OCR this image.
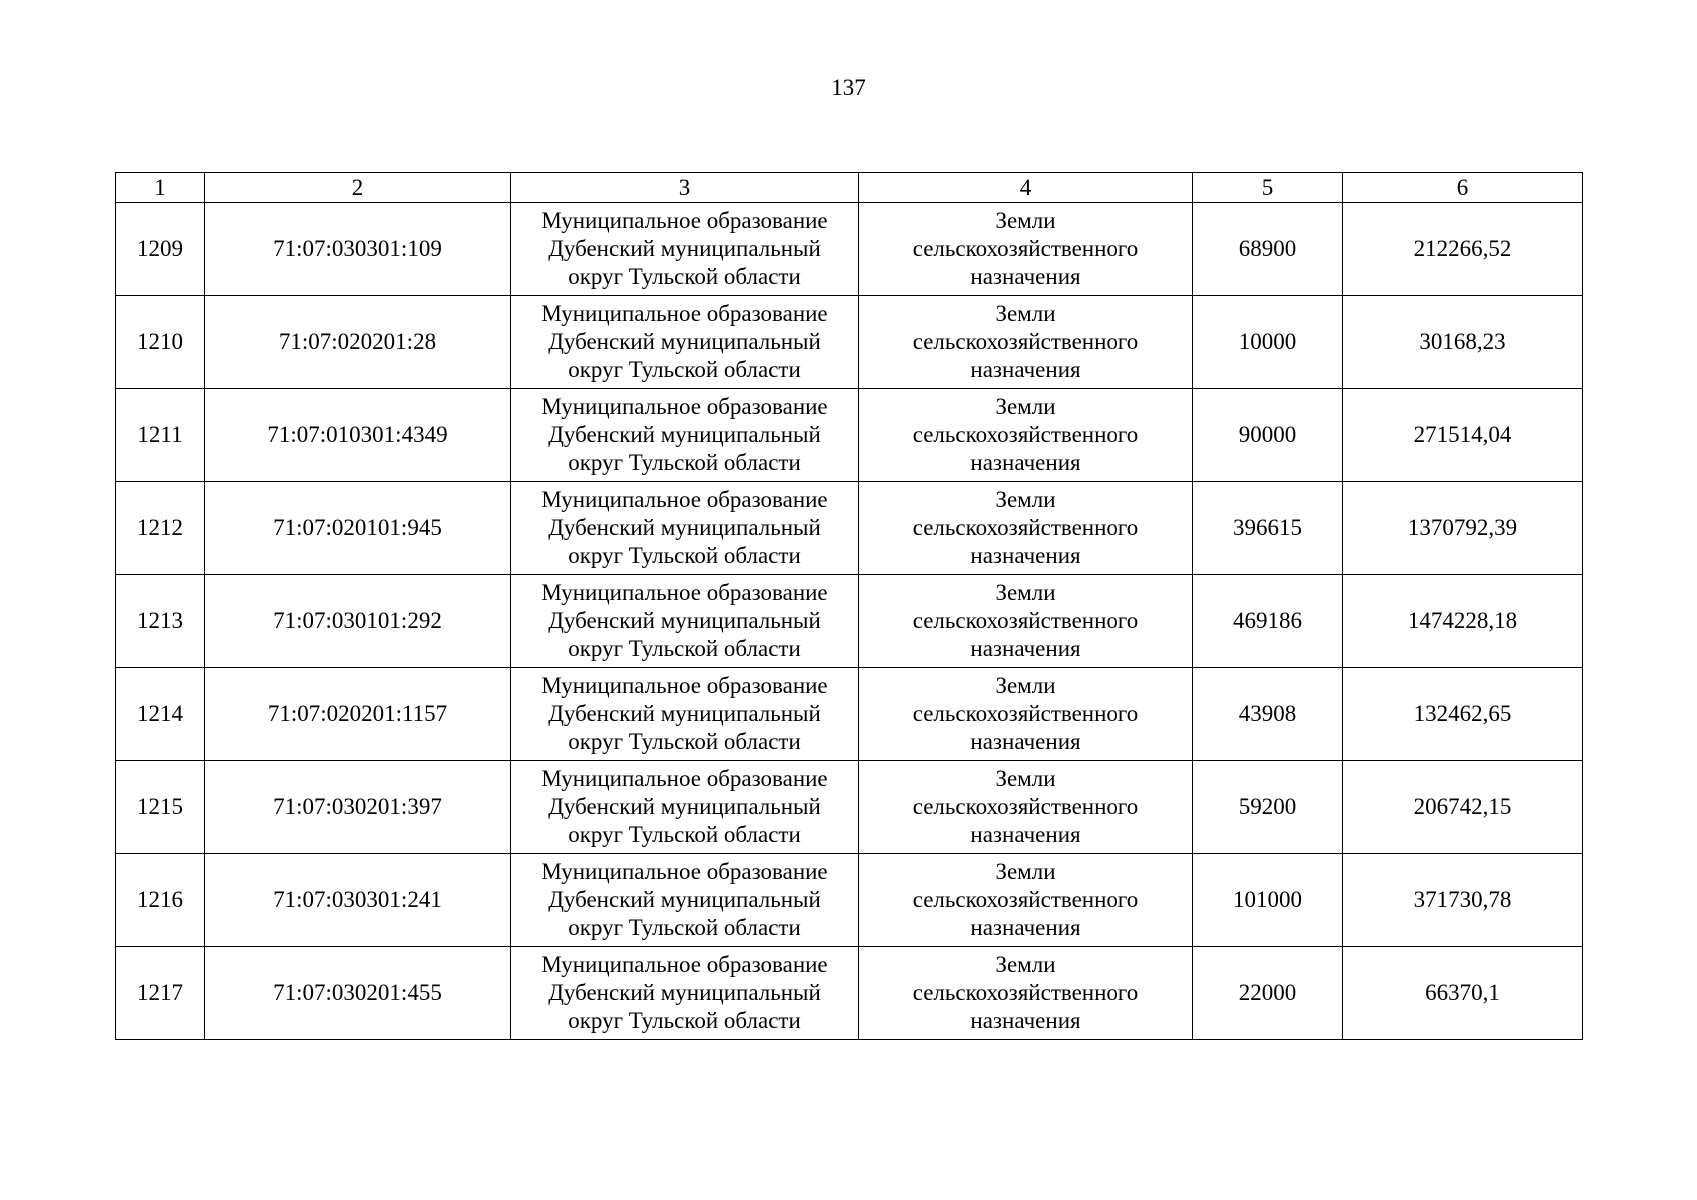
137
1	2	3	4	5	6
1209	71:07:030301:109	Муниципальное образование
Дубенский муниципальный
округ Тульской области	Земли
сельскохозяйственного
назначения	68900	212266,52
1210	71:07:020201:28	Муниципальное образование
Дубенский муниципальный
округ Тульской области	Земли
сельскохозяйственного
назначения	10000	30168,23
1211	71:07:010301:4349	Муниципальное образование
Дубенский муниципальный
округ Тульской области	Земли
сельскохозяйственного
назначения	90000	271514,04
1212	71:07:020101:945	Муниципальное образование
Дубенский муниципальный
округ Тульской области	Земли
сельскохозяйственного
назначения	396615	1370792,39
1213	71:07:030101:292	Муниципальное образование
Дубенский муниципальный
округ Тульской области	Земли
сельскохозяйственного
назначения	469186	1474228,18
1214	71:07:020201:1157	Муниципальное образование
Дубенский муниципальный
округ Тульской области	Земли
сельскохозяйственного
назначения	43908	132462,65
1215	71:07:030201:397	Муниципальное образование
Дубенский муниципальный
округ Тульской области	Земли
сельскохозяйственного
назначения	59200	206742,15
1216	71:07:030301:241	Муниципальное образование
Дубенский муниципальный
округ Тульской области	Земли
сельскохозяйственного
назначения	101000	371730,78
1217	71:07:030201:455	Муниципальное образование
Дубенский муниципальный
округ Тульской области	Земли
сельскохозяйственного
назначения	22000	66370,1
